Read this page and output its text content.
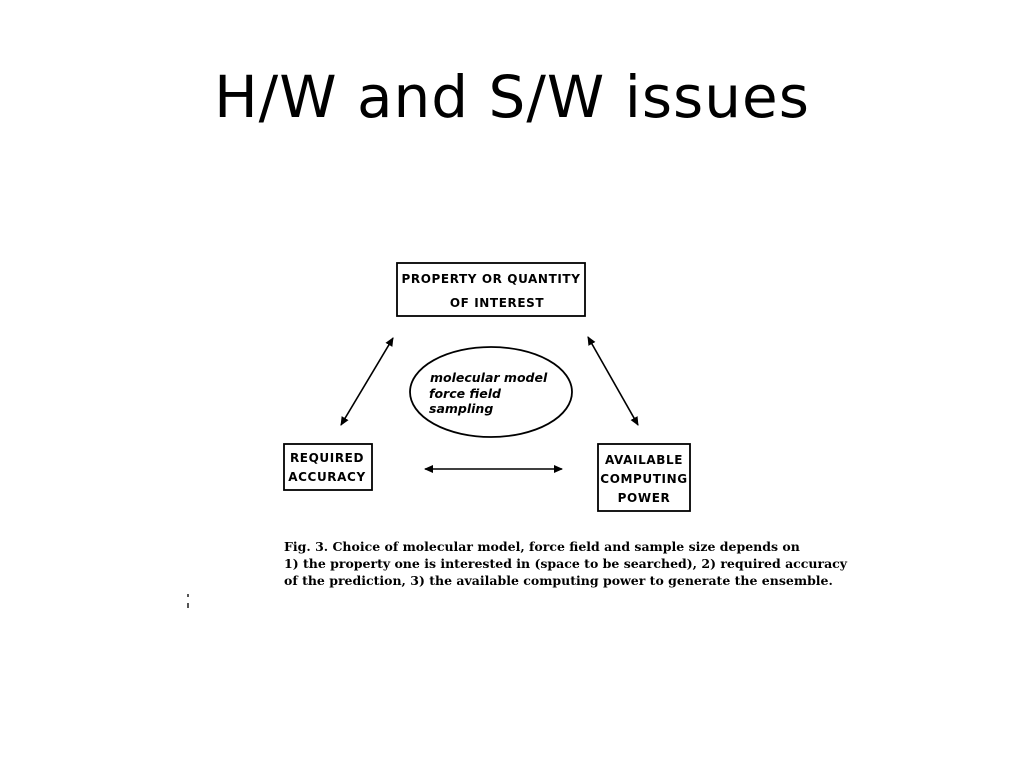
H/W and S/W issues
PROPERTY OR QUANTITY
OF INTEREST
REQUIRED
ACCURACY
AVAILABLE
COMPUTING
POWER
molecular model
force field
sampling

Fig. 3. Choice of molecular model, force field and sample size depends on
1) the property one is interested in (space to be searched), 2) required accuracy
of the prediction, 3) the available computing power to generate the ensemble.
